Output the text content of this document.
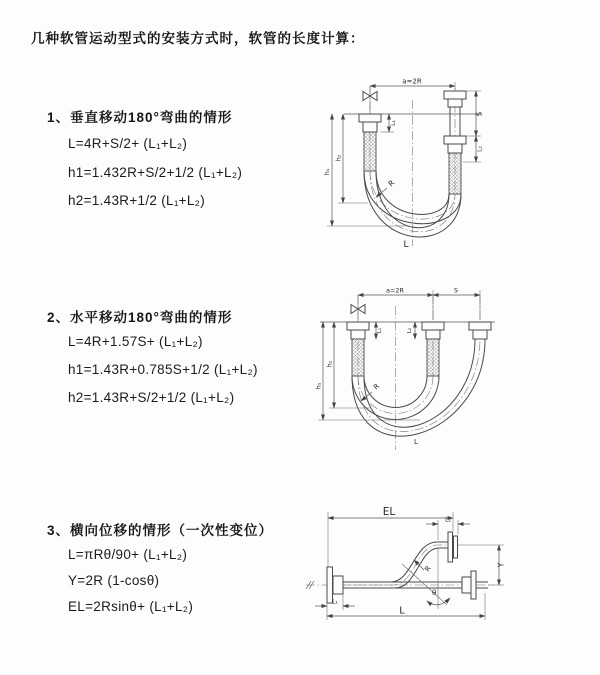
几种软管运动型式的安装方式时，软管的长度计算：
1、垂直移动180°弯曲的情形
L=4R+S/2+ (L₁+L₂)
h1=1.432R+S/2+1/2 (L₁+L₂)
h2=1.43R+1/2 (L₁+L₂)
2、水平移动180°弯曲的情形
L=4R+1.57S+ (L₁+L₂)
h1=1.43R+0.785S+1/2 (L₁+L₂)
h2=1.43R+S/2+1/2 (L₁+L₂)
3、横向位移的情形（一次性变位）
L=πRθ/90+ (L₁+L₂)
Y=2R (1-cosθ)
EL=2Rsinθ+ (L₁+L₂)
a=2R
L₁
S
L₂
h₂
h₁
R
L
a=2R	S
L₁	L₂
h₂
h₁	R
L
EL
L₂
θ
R	Y
L₁
L
